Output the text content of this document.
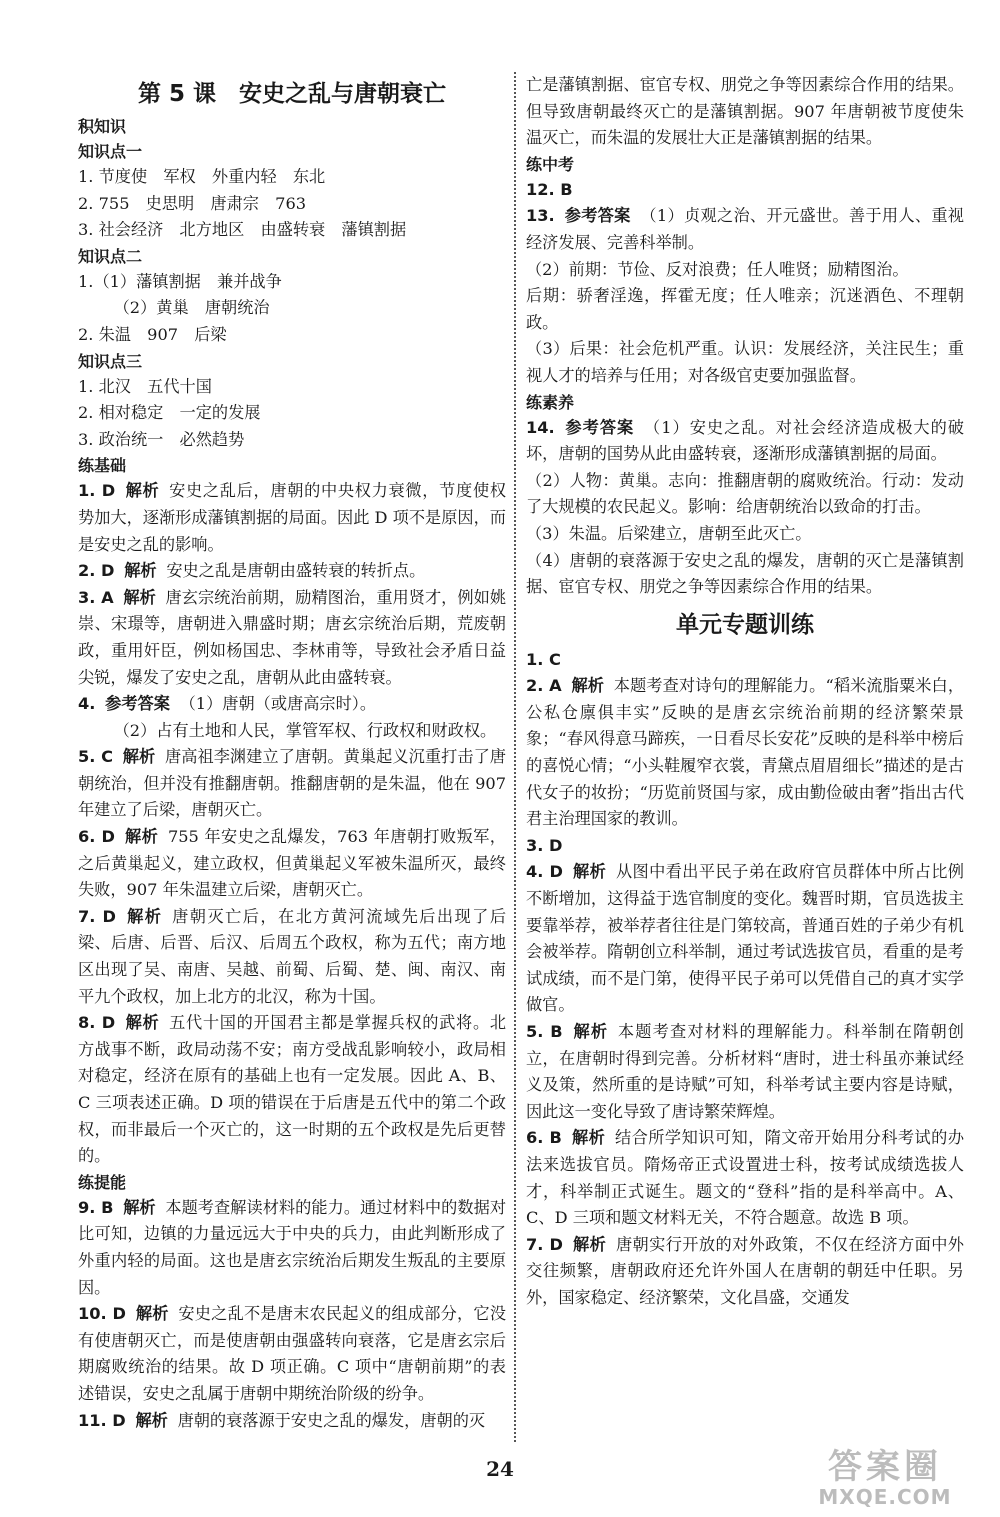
第 5 课　安史之乱与唐朝衰亡
积知识
知识点一
1. 节度使　军权　外重内轻　东北
2. 755　史思明　唐肃宗　763
3. 社会经济　北方地区　由盛转衰　藩镇割据
知识点二
1.（1）藩镇割据　兼并战争
（2）黄巢　唐朝统治
2. 朱温　907　后梁
知识点三
1. 北汉　五代十国
2. 相对稳定　一定的发展
3. 政治统一　必然趋势
练基础
1. D 解析 安史之乱后，唐朝的中央权力衰微，节度使权势加大，逐渐形成藩镇割据的局面。因此 D 项不是原因，而是安史之乱的影响。
2. D 解析 安史之乱是唐朝由盛转衰的转折点。
3. A 解析 唐玄宗统治前期，励精图治，重用贤才，例如姚崇、宋璟等，唐朝进入鼎盛时期；唐玄宗统治后期，荒废朝政，重用奸臣，例如杨国忠、李林甫等，导致社会矛盾日益尖锐，爆发了安史之乱，唐朝从此由盛转衰。
4. 参考答案 （1）唐朝（或唐高宗时）。
（2）占有土地和人民，掌管军权、行政权和财政权。
5. C 解析 唐高祖李渊建立了唐朝。黄巢起义沉重打击了唐朝统治，但并没有推翻唐朝。推翻唐朝的是朱温，他在 907 年建立了后梁，唐朝灭亡。
6. D 解析 755 年安史之乱爆发，763 年唐朝打败叛军，之后黄巢起义，建立政权，但黄巢起义军被朱温所灭，最终失败，907 年朱温建立后梁，唐朝灭亡。
7. D 解析 唐朝灭亡后，在北方黄河流域先后出现了后梁、后唐、后晋、后汉、后周五个政权，称为五代；南方地区出现了吴、南唐、吴越、前蜀、后蜀、楚、闽、南汉、南平九个政权，加上北方的北汉，称为十国。
8. D 解析 五代十国的开国君主都是掌握兵权的武将。北方战事不断，政局动荡不安；南方受战乱影响较小，政局相对稳定，经济在原有的基础上也有一定发展。因此 A、B、C 三项表述正确。D 项的错误在于后唐是五代中的第二个政权，而非最后一个灭亡的，这一时期的五个政权是先后更替的。
练提能
9. B 解析 本题考查解读材料的能力。通过材料中的数据对比可知，边镇的力量远远大于中央的兵力，由此判断形成了外重内轻的局面。这也是唐玄宗统治后期发生叛乱的主要原因。
10. D 解析 安史之乱不是唐末农民起义的组成部分，它没有使唐朝灭亡，而是使唐朝由强盛转向衰落，它是唐玄宗后期腐败统治的结果。故 D 项正确。C 项中“唐朝前期”的表述错误，安史之乱属于唐朝中期统治阶级的纷争。
11. D 解析 唐朝的衰落源于安史之乱的爆发，唐朝的灭
亡是藩镇割据、宦官专权、朋党之争等因素综合作用的结果。但导致唐朝最终灭亡的是藩镇割据。907 年唐朝被节度使朱温灭亡，而朱温的发展壮大正是藩镇割据的结果。
练中考
12. B
13. 参考答案 （1）贞观之治、开元盛世。善于用人、重视经济发展、完善科举制。
（2）前期：节俭、反对浪费；任人唯贤；励精图治。
后期：骄奢淫逸，挥霍无度；任人唯亲；沉迷酒色、不理朝政。
（3）后果：社会危机严重。认识：发展经济，关注民生；重视人才的培养与任用；对各级官吏要加强监督。
练素养
14. 参考答案 （1）安史之乱。对社会经济造成极大的破坏，唐朝的国势从此由盛转衰，逐渐形成藩镇割据的局面。
（2）人物：黄巢。志向：推翻唐朝的腐败统治。行动：发动了大规模的农民起义。影响：给唐朝统治以致命的打击。
（3）朱温。后梁建立，唐朝至此灭亡。
（4）唐朝的衰落源于安史之乱的爆发，唐朝的灭亡是藩镇割据、宦官专权、朋党之争等因素综合作用的结果。
单元专题训练
1. C
2. A 解析 本题考查对诗句的理解能力。“稻米流脂粟米白，公私仓廪俱丰实”反映的是唐玄宗统治前期的经济繁荣景象；“春风得意马蹄疾，一日看尽长安花”反映的是科举中榜后的喜悦心情；“小头鞋履窄衣裳，青黛点眉眉细长”描述的是古代女子的妆扮；“历览前贤国与家，成由勤俭破由奢”指出古代君主治理国家的教训。
3. D
4. D 解析 从图中看出平民子弟在政府官员群体中所占比例不断增加，这得益于选官制度的变化。魏晋时期，官员选拔主要靠举荐，被举荐者往往是门第较高，普通百姓的子弟少有机会被举荐。隋朝创立科举制，通过考试选拔官员，看重的是考试成绩，而不是门第，使得平民子弟可以凭借自己的真才实学做官。
5. B 解析 本题考查对材料的理解能力。科举制在隋朝创立，在唐朝时得到完善。分析材料“唐时，进士科虽亦兼试经义及策，然所重的是诗赋”可知，科举考试主要内容是诗赋，因此这一变化导致了唐诗繁荣辉煌。
6. B 解析 结合所学知识可知，隋文帝开始用分科考试的办法来选拔官员。隋炀帝正式设置进士科，按考试成绩选拔人才，科举制正式诞生。题文的“登科”指的是科举高中。A、C、D 三项和题文材料无关，不符合题意。故选 B 项。
7. D 解析 唐朝实行开放的对外政策，不仅在经济方面中外交往频繁，唐朝政府还允许外国人在唐朝的朝廷中任职。另外，国家稳定、经济繁荣，文化昌盛，交通发
24	答案圈
MXQE.COM
